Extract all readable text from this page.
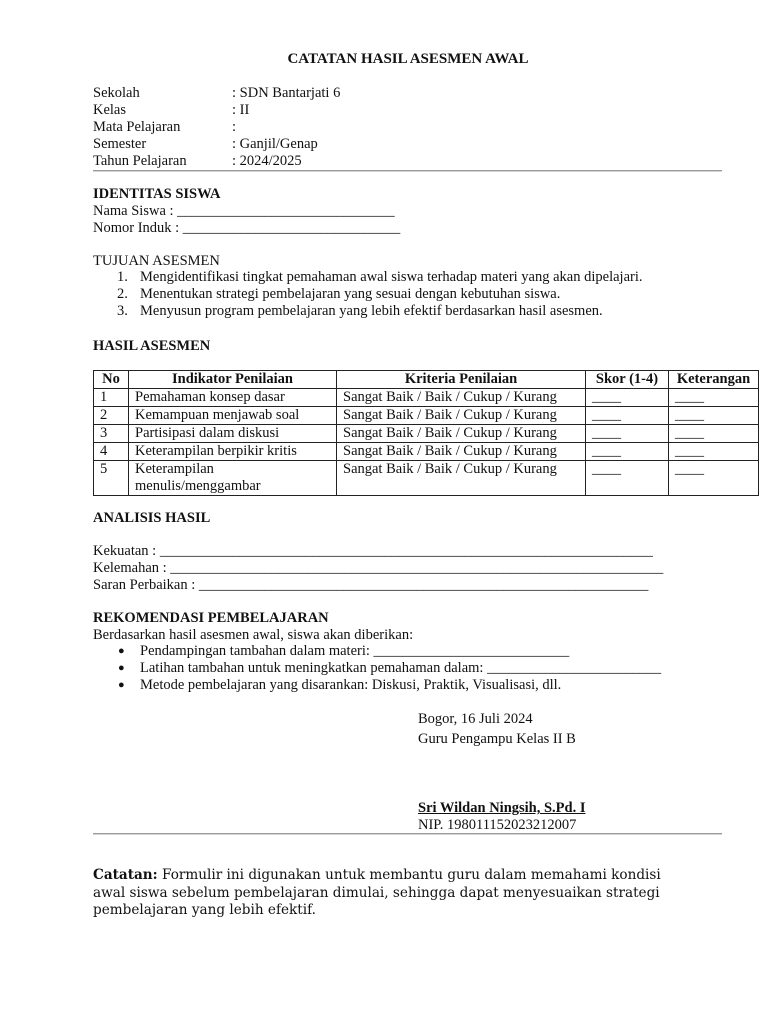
CATATAN HASIL ASESMEN AWAL
Sekolah	: SDN Bantarjati 6
Kelas	: II
Mata Pelajaran	:
Semester	: Ganjil/Genap
Tahun Pelajaran	: 2024/2025
IDENTITAS SISWA
Nama Siswa : ______________________________
Nomor Induk : ______________________________
TUJUAN ASESMEN
1. Mengidentifikasi tingkat pemahaman awal siswa terhadap materi yang akan dipelajari.
2. Menentukan strategi pembelajaran yang sesuai dengan kebutuhan siswa.
3. Menyusun program pembelajaran yang lebih efektif berdasarkan hasil asesmen.
HASIL ASESMEN
No	Indikator Penilaian	Kriteria Penilaian	Skor (1-4)	Keterangan
1	Pemahaman konsep dasar	Sangat Baik / Baik / Cukup / Kurang	____	____
2	Kemampuan menjawab soal	Sangat Baik / Baik / Cukup / Kurang	____	____
3	Partisipasi dalam diskusi	Sangat Baik / Baik / Cukup / Kurang	____	____
4	Keterampilan berpikir kritis	Sangat Baik / Baik / Cukup / Kurang	____	____
5	Keterampilan menulis/menggambar	Sangat Baik / Baik / Cukup / Kurang	____	____
ANALISIS HASIL
Kekuatan : ____________________________________________________________________
Kelemahan : ____________________________________________________________________
Saran Perbaikan : ______________________________________________________________
REKOMENDASI PEMBELAJARAN
Berdasarkan hasil asesmen awal, siswa akan diberikan:
● Pendampingan tambahan dalam materi: ___________________________
● Latihan tambahan untuk meningkatkan pemahaman dalam: ________________________
● Metode pembelajaran yang disarankan: Diskusi, Praktik, Visualisasi, dll.
Bogor, 16 Juli 2024
Guru Pengampu Kelas II B
Sri Wildan Ningsih, S.Pd. I
NIP. 198011152023212007
Catatan: Formulir ini digunakan untuk membantu guru dalam memahami kondisi awal siswa sebelum pembelajaran dimulai, sehingga dapat menyesuaikan strategi pembelajaran yang lebih efektif.
